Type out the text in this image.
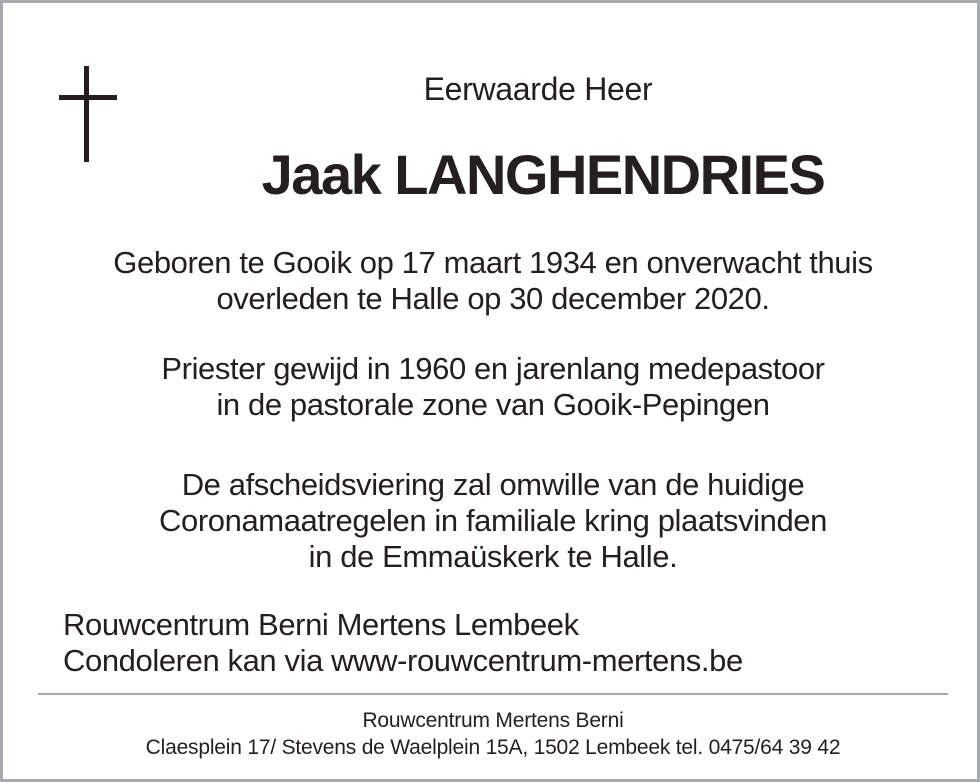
Eerwaarde Heer
Jaak LANGHENDRIES
Geboren te Gooik op 17 maart 1934 en onverwacht thuis
overleden te Halle op 30 december 2020.
Priester gewijd in 1960 en jarenlang medepastoor
in de pastorale zone van Gooik-Pepingen
De afscheidsviering zal omwille van de huidige
Coronamaatregelen in familiale kring plaatsvinden
in de Emmaüskerk te Halle.
Rouwcentrum Berni Mertens Lembeek
Condoleren kan via www-rouwcentrum-mertens.be
Rouwcentrum Mertens Berni
Claesplein 17/ Stevens de Waelplein 15A, 1502 Lembeek tel. 0475/64 39 42
